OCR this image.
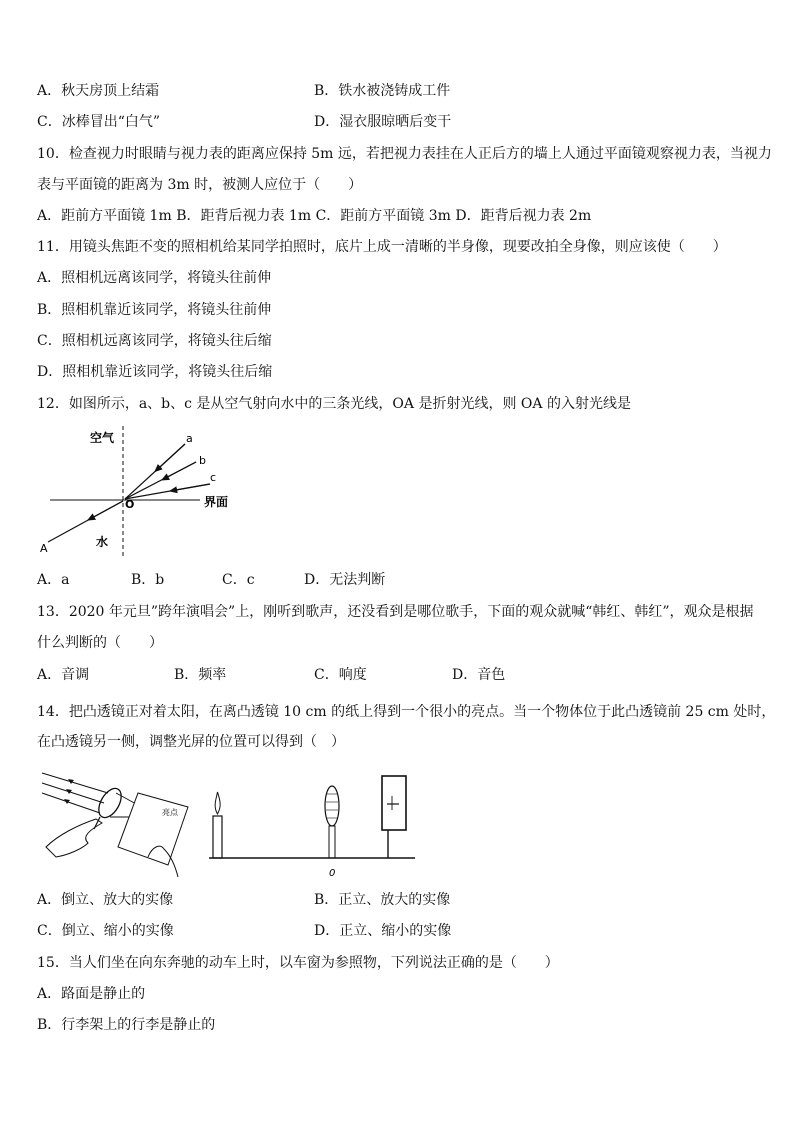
A．秋天房顶上结霜	B．铁水被浇铸成工件
C．冰棒冒出“白气”	D．湿衣服晾晒后变干
10．检查视力时眼睛与视力表的距离应保持 5m 远，若把视力表挂在人正后方的墙上人通过平面镜观察视力表，当视力
表与平面镜的距离为 3m 时，被测人应位于（　　）
A．距前方平面镜 1m B．距背后视力表 1m C．距前方平面镜 3m D．距背后视力表 2m
11．用镜头焦距不变的照相机给某同学拍照时，底片上成一清晰的半身像，现要改拍全身像，则应该使（　　）
A．照相机远离该同学，将镜头往前伸
B．照相机靠近该同学，将镜头往前伸
C．照相机远离该同学，将镜头往后缩
D．照相机靠近该同学，将镜头往后缩
12．如图所示，a、b、c 是从空气射向水中的三条光线，OA 是折射光线，则 OA 的入射光线是
空气
水
界面
O
A
a
b
c
A．a	B．b	C．c	D．无法判断
13．2020 年元旦”跨年演唱会”上，刚听到歌声，还没看到是哪位歌手，下面的观众就喊“韩红、韩红”，观众是根据
什么判断的（　　）
A．音调	B．频率	C．响度	D．音色
14．把凸透镜正对着太阳，在离凸透镜 10 cm 的纸上得到一个很小的亮点。当一个物体位于此凸透镜前 25 cm 处时，
在凸透镜另一侧，调整光屏的位置可以得到（　）
亮点
0
A．倒立、放大的实像	B．正立、放大的实像
C．倒立、缩小的实像	D．正立、缩小的实像
15．当人们坐在向东奔驰的动车上时，以车窗为参照物，下列说法正确的是（　　）
A．路面是静止的
B．行李架上的行李是静止的
